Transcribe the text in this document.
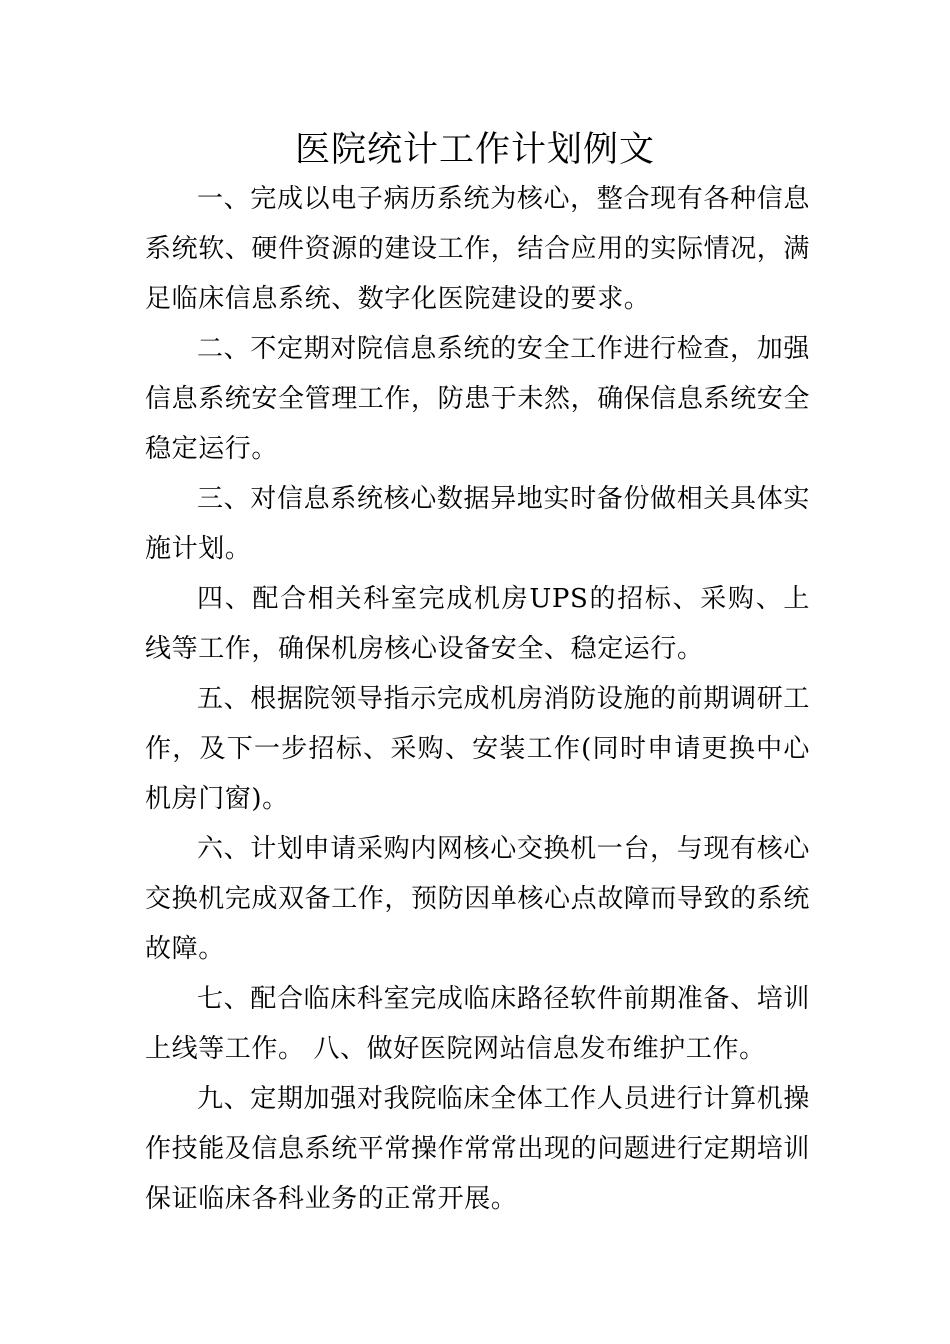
医院统计工作计划例文

一、完成以电子病历系统为核心，整合现有各种信息系统软、硬件资源的建设工作，结合应用的实际情况，满足临床信息系统、数字化医院建设的要求。

二、不定期对院信息系统的安全工作进行检查，加强信息系统安全管理工作，防患于未然，确保信息系统安全稳定运行。

三、对信息系统核心数据异地实时备份做相关具体实施计划。

四、配合相关科室完成机房UPS的招标、采购、上线等工作，确保机房核心设备安全、稳定运行。

五、根据院领导指示完成机房消防设施的前期调研工作，及下一步招标、采购、安装工作(同时申请更换中心机房门窗)。

六、计划申请采购内网核心交换机一台，与现有核心交换机完成双备工作，预防因单核心点故障而导致的系统故障。

七、配合临床科室完成临床路径软件前期准备、培训上线等工作。 八、做好医院网站信息发布维护工作。

九、定期加强对我院临床全体工作人员进行计算机操作技能及信息系统平常操作常常出现的问题进行定期培训保证临床各科业务的正常开展。
